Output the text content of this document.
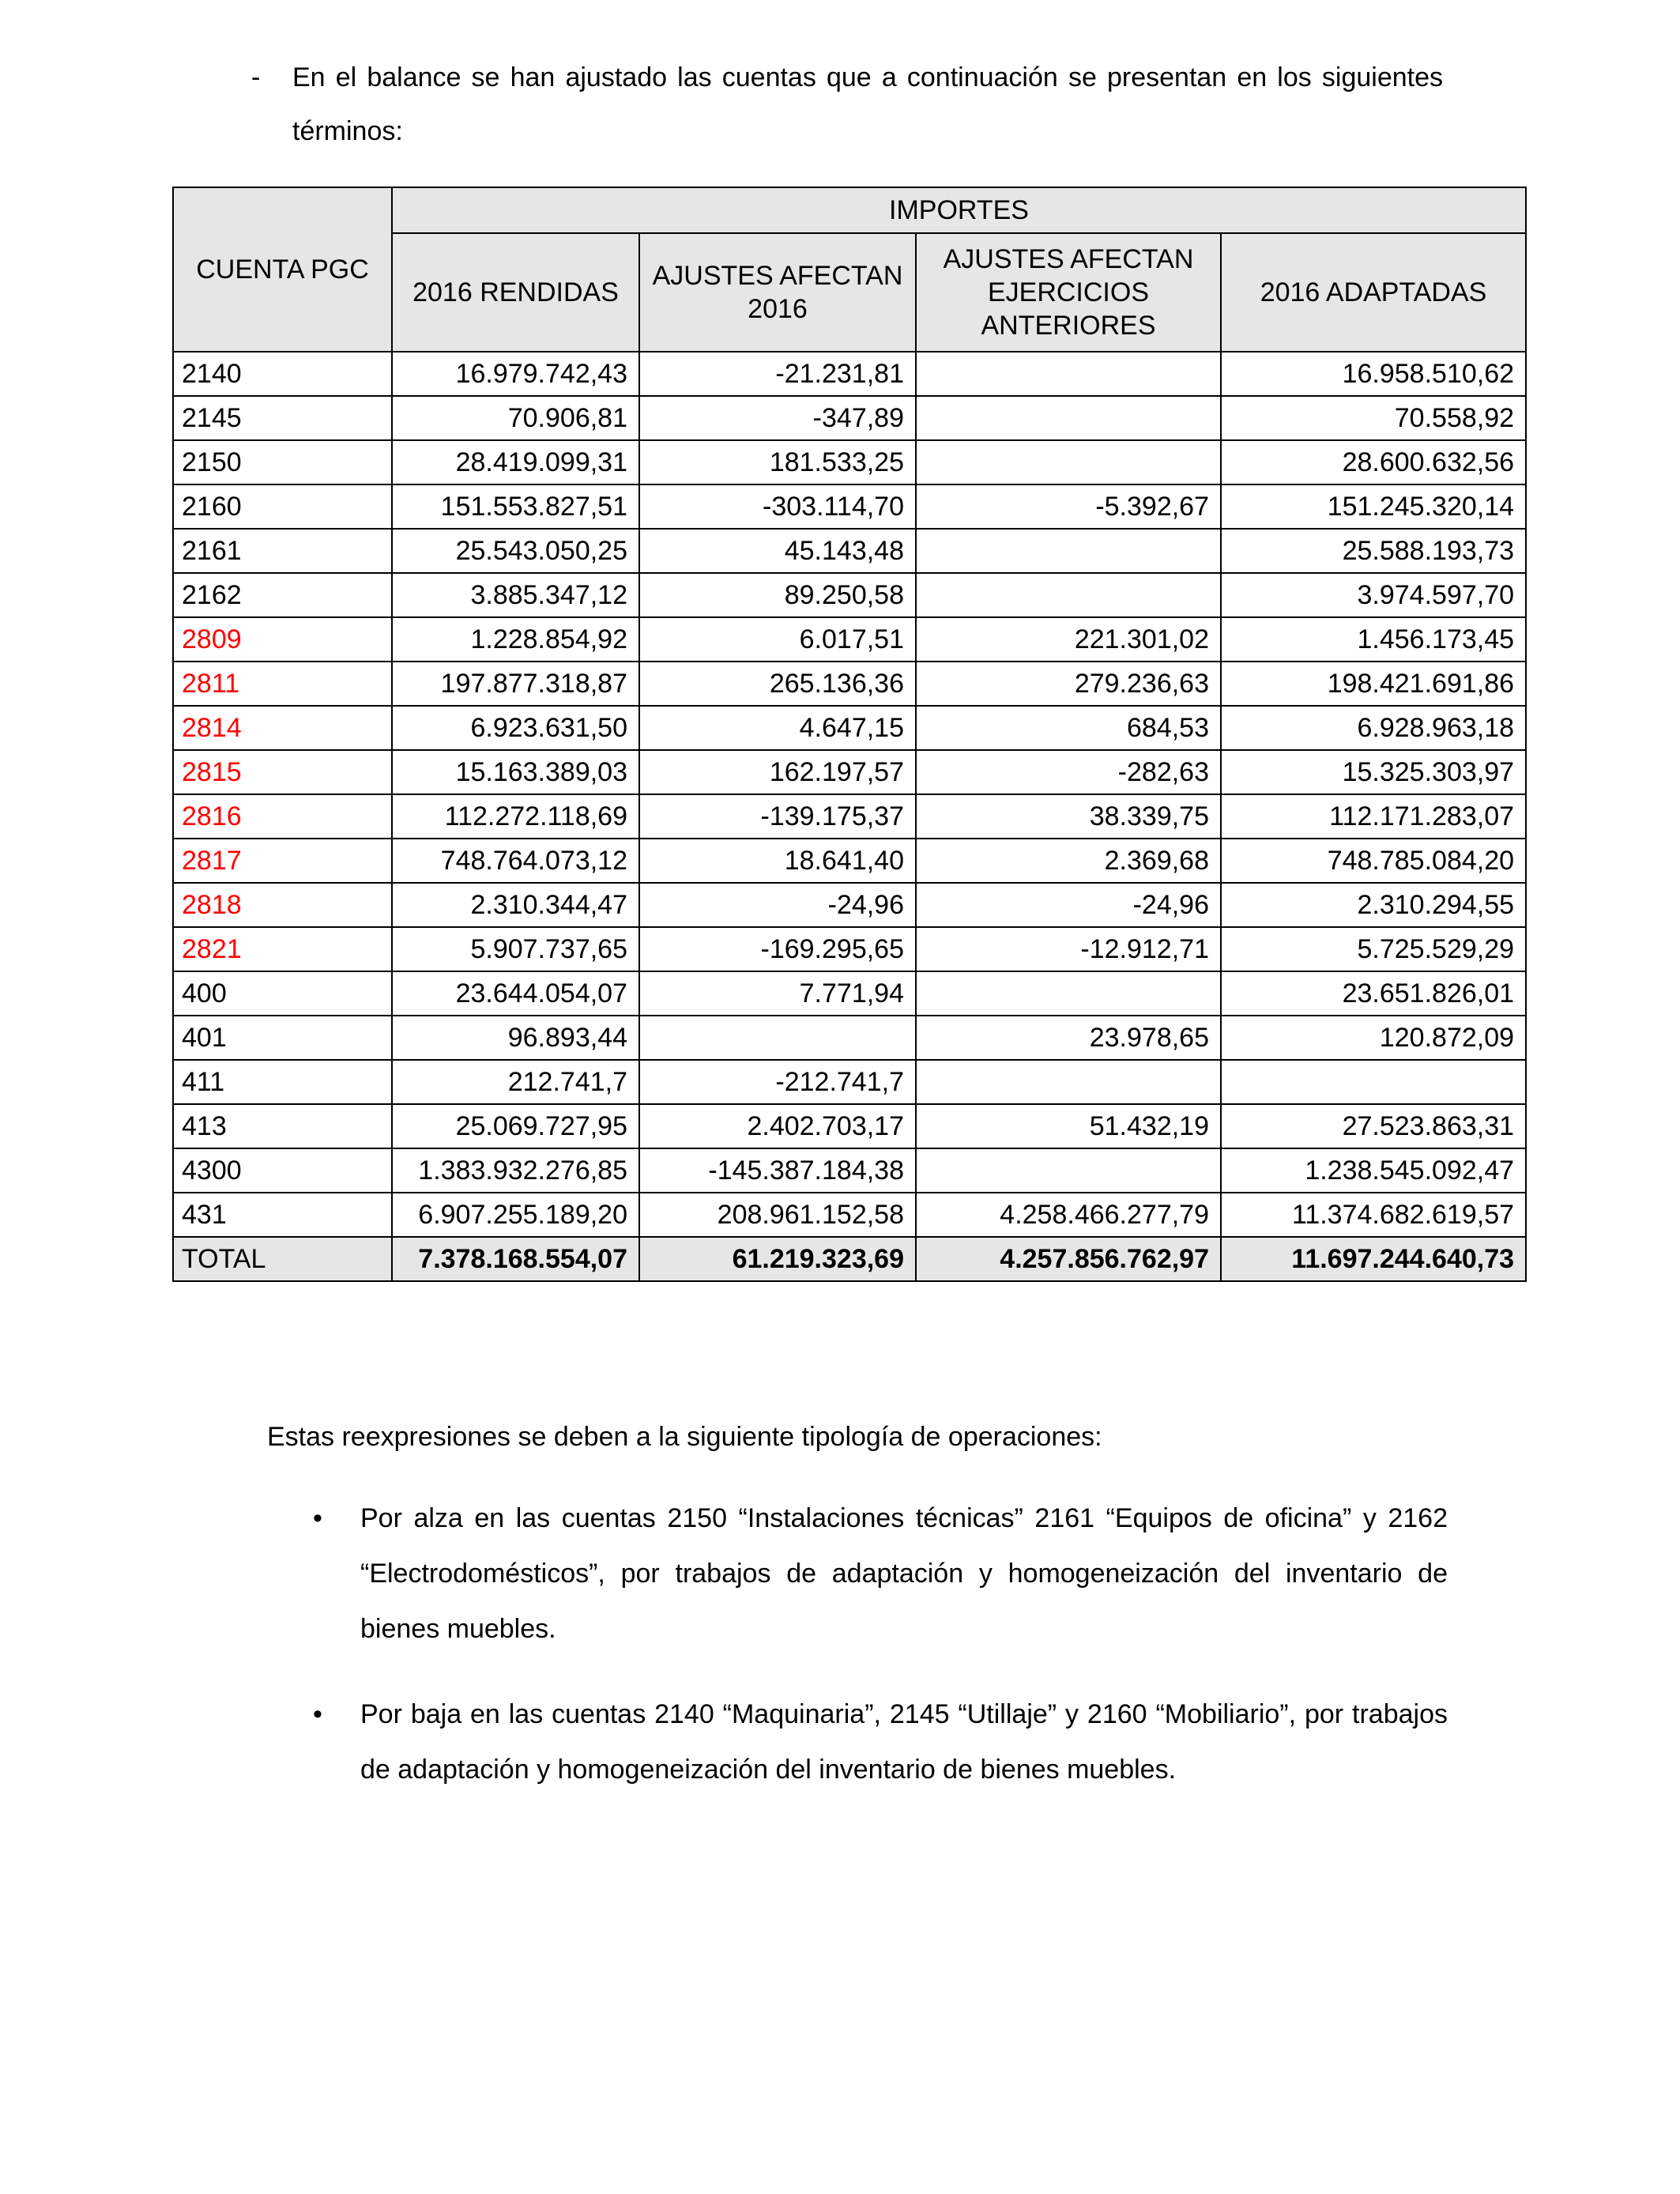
- En el balance se han ajustado las cuentas que a continuación se presentan en los siguientes términos:
CUENTA PGC	IMPORTES			
	2016 RENDIDAS	AJUSTES AFECTAN 2016	AJUSTES AFECTAN EJERCICIOS ANTERIORES	2016 ADAPTADAS
2140	16.979.742,43	-21.231,81		16.958.510,62
2145	70.906,81	-347,89		70.558,92
2150	28.419.099,31	181.533,25		28.600.632,56
2160	151.553.827,51	-303.114,70	-5.392,67	151.245.320,14
2161	25.543.050,25	45.143,48		25.588.193,73
2162	3.885.347,12	89.250,58		3.974.597,70
2809	1.228.854,92	6.017,51	221.301,02	1.456.173,45
2811	197.877.318,87	265.136,36	279.236,63	198.421.691,86
2814	6.923.631,50	4.647,15	684,53	6.928.963,18
2815	15.163.389,03	162.197,57	-282,63	15.325.303,97
2816	112.272.118,69	-139.175,37	38.339,75	112.171.283,07
2817	748.764.073,12	18.641,40	2.369,68	748.785.084,20
2818	2.310.344,47	-24,96	-24,96	2.310.294,55
2821	5.907.737,65	-169.295,65	-12.912,71	5.725.529,29
400	23.644.054,07	7.771,94		23.651.826,01
401	96.893,44		23.978,65	120.872,09
411	212.741,7	-212.741,7		
413	25.069.727,95	2.402.703,17	51.432,19	27.523.863,31
4300	1.383.932.276,85	-145.387.184,38		1.238.545.092,47
431	6.907.255.189,20	208.961.152,58	4.258.466.277,79	11.374.682.619,57
TOTAL	7.378.168.554,07	61.219.323,69	4.257.856.762,97	11.697.244.640,73
Estas reexpresiones se deben a la siguiente tipología de operaciones:
• Por alza en las cuentas 2150 “Instalaciones técnicas” 2161 “Equipos de oficina” y 2162 “Electrodomésticos”, por trabajos de adaptación y homogeneización del inventario de bienes muebles.
• Por baja en las cuentas 2140 “Maquinaria”, 2145 “Utillaje” y 2160 “Mobiliario”, por trabajos de adaptación y homogeneización del inventario de bienes muebles.
